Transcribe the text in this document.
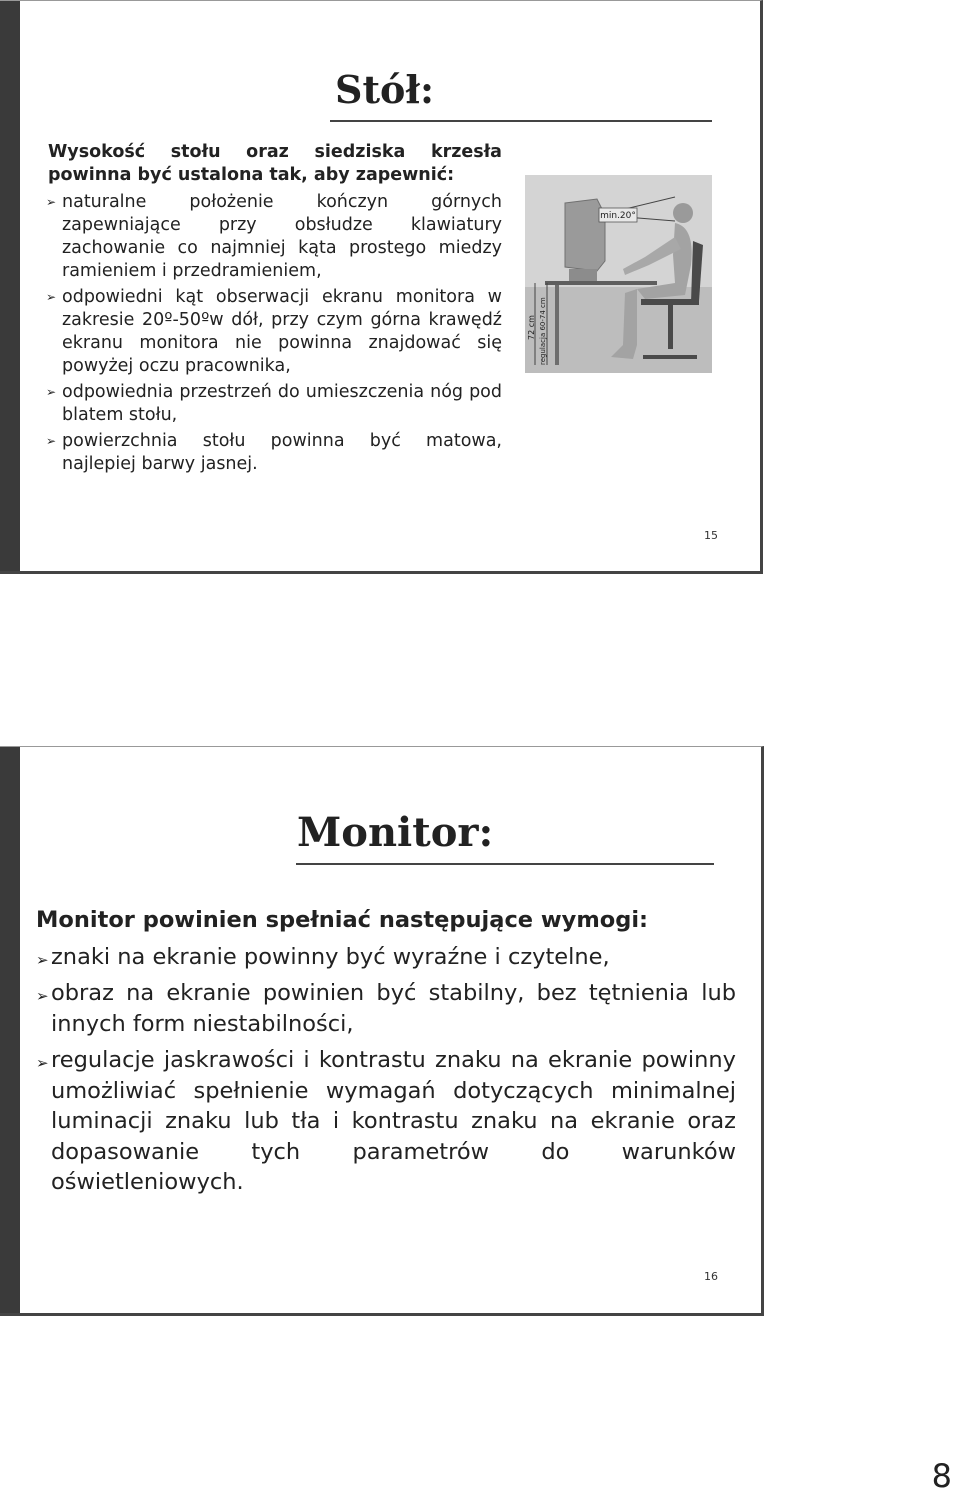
Stół:

Wysokość stołu oraz siedziska krzesła powinna być ustalona tak, aby zapewnić:

➢ naturalne położenie kończyn górnych zapewniające przy obsłudze klawiatury zachowanie co najmniej kąta prostego miedzy ramieniem i przedramieniem,
➢ odpowiedni kąt obserwacji ekranu monitora w zakresie 20º-50ºw dół, przy czym górna krawędź ekranu monitora nie powinna znajdować się powyżej oczu pracownika,
➢ odpowiednia przestrzeń do umieszczenia nóg pod blatem stołu,
➢ powierzchnia stołu powinna być matowa, najlepiej barwy jasnej.
min.20°
72 cm regulacja 60-74 cm
15
Monitor:

Monitor powinien spełniać następujące wymogi:

➢ znaki na ekranie powinny być wyraźne i czytelne,
➢ obraz na ekranie powinien być stabilny, bez tętnienia lub innych form niestabilności,
➢ regulacje jaskrawości i kontrastu znaku na ekranie powinny umożliwiać spełnienie wymagań dotyczących minimalnej luminacji znaku lub tła i kontrastu znaku na ekranie oraz dopasowanie tych parametrów do warunków oświetleniowych.
16
8
